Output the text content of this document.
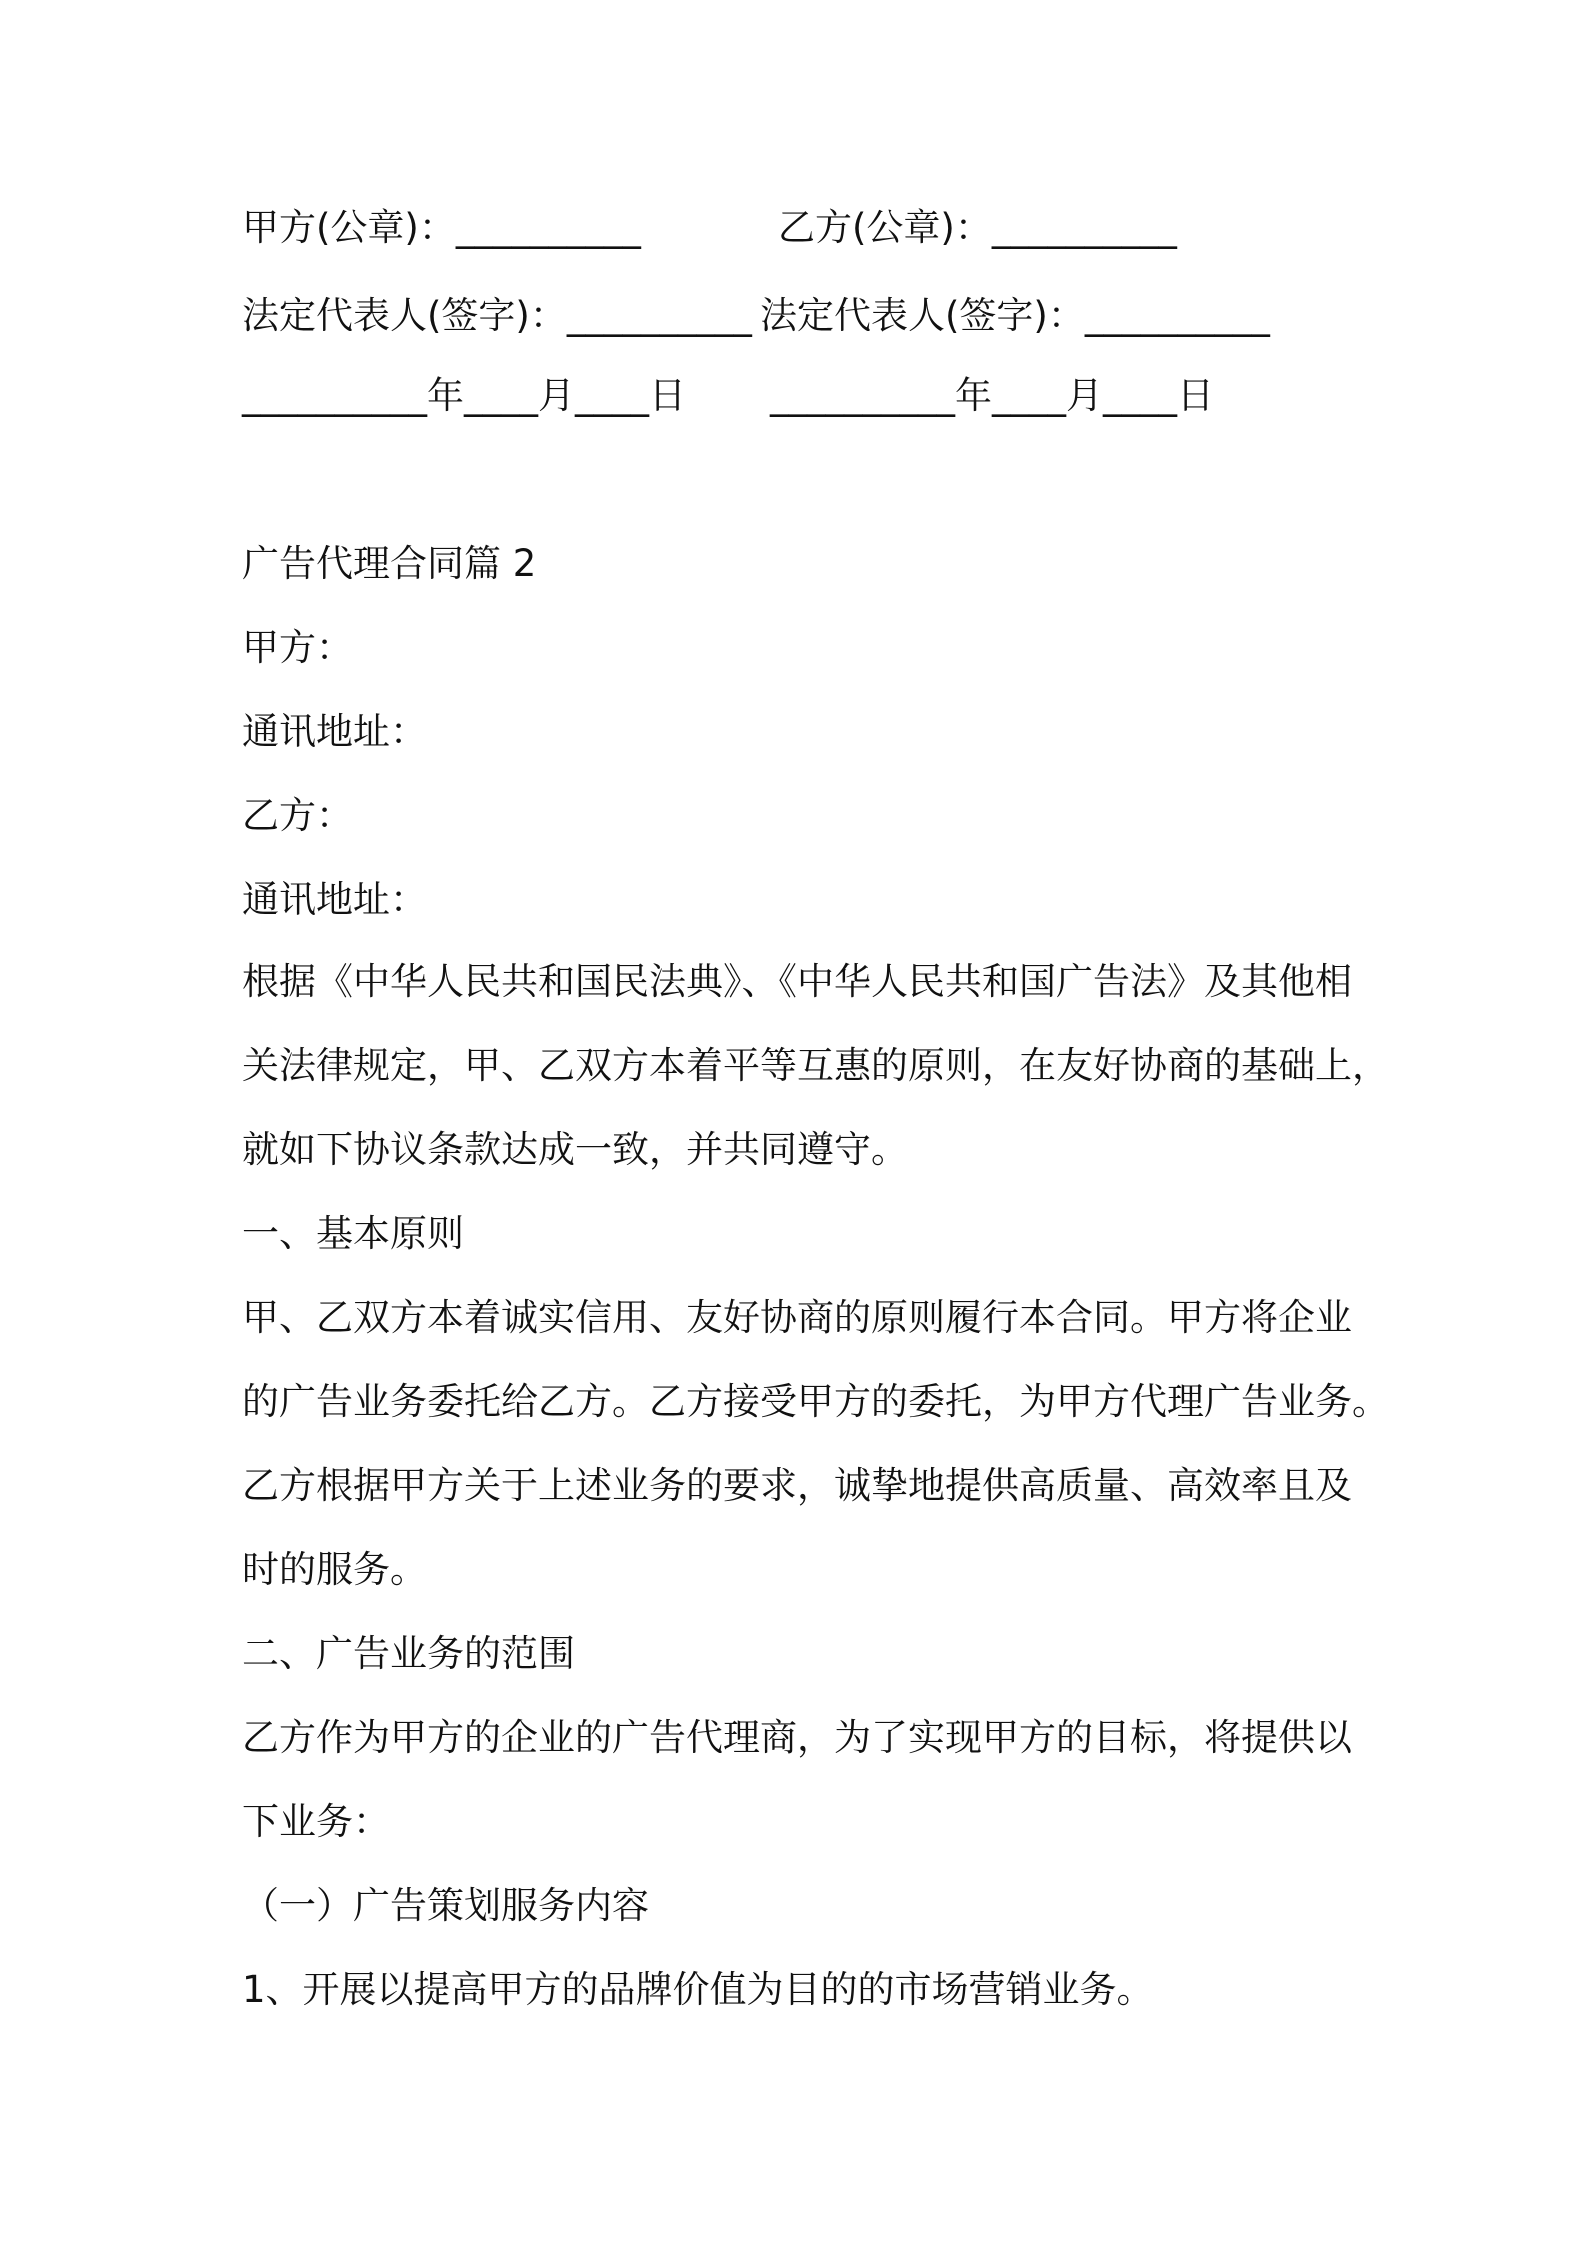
甲方(公章)：__________	乙方(公章)：__________
法定代表人(签字)：__________ 法定代表人(签字)：__________
__________年____月____日 __________年____月____日

广告代理合同篇 2

甲方：

通讯地址：

乙方：

通讯地址：

根据《中华人民共和国民法典》、《中华人民共和国广告法》及其他相

关法律规定，甲、乙双方本着平等互惠的原则，在友好协商的基础上，

就如下协议条款达成一致，并共同遵守。

一、基本原则

甲、乙双方本着诚实信用、友好协商的原则履行本合同。甲方将企业

的广告业务委托给乙方。乙方接受甲方的委托，为甲方代理广告业务。

乙方根据甲方关于上述业务的要求，诚挚地提供高质量、高效率且及

时的服务。

二、广告业务的范围

乙方作为甲方的企业的广告代理商，为了实现甲方的目标，将提供以

下业务：

（一）广告策划服务内容

1、开展以提高甲方的品牌价值为目的的市场营销业务。
